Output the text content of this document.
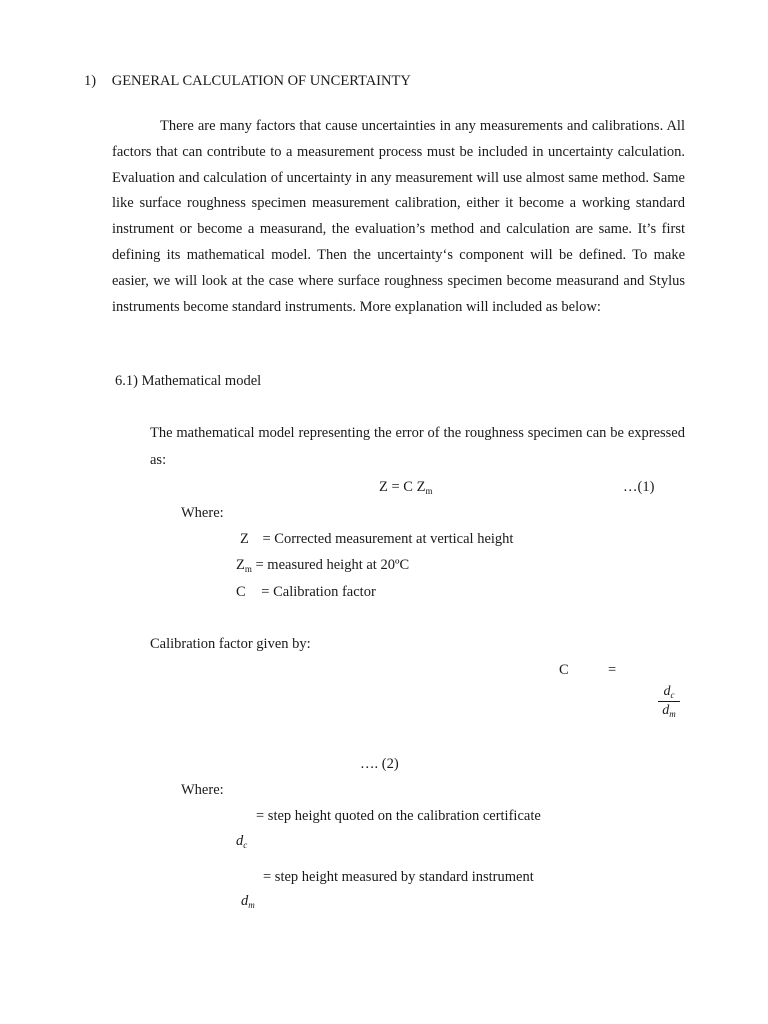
1) GENERAL CALCULATION OF UNCERTAINTY

There are many factors that cause uncertainties in any measurements and calibrations. All factors that can contribute to a measurement process must be included in uncertainty calculation. Evaluation and calculation of uncertainty in any measurement will use almost same method. Same like surface roughness specimen measurement calibration, either it become a working standard instrument or become a measurand, the evaluation’s method and calculation are same. It’s first defining its mathematical model. Then the uncertainty‘s component will be defined. To make easier, we will look at the case where surface roughness specimen become measurand and Stylus instruments become standard instruments. More explanation will included as below:

6.1) Mathematical model

The mathematical model representing the error of the roughness specimen can be expressed as:

Z = C $Z_m$	…(1)
Where:
Z = Corrected measurement at vertical height
$Z_m$ = measured height at 20ºC
C = Calibration factor
Calibration factor given by:
C	=
$d_c$
$d_m$
…. (2)
Where:
= step height quoted on the calibration certificate
$d_c$
= step height measured by standard instrument
$d_m$
